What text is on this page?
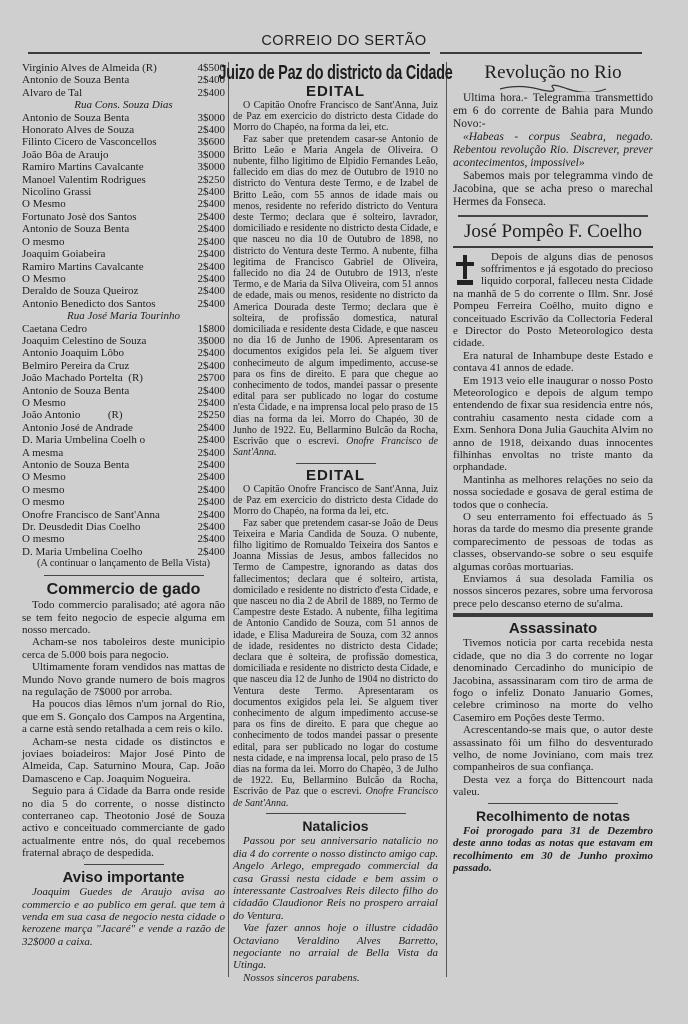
CORREIO DO SERTÃO
Virginio Alves de Almeida (R)	4$500
Antonio de Souza Benta	2$400
Alvaro de Tal	2$400
Rua Cons. Souza Dias
Antonio de Souza Benta	3$000
Honorato Alves de Souza	2$400
Filinto Cicero de Vasconcellos	3$600
João Bôa de Araujo	3$000
Ramiro Martins Cavalcante	3$000
Manoel Valentim Rodrigues	2$250
Nicolino Grassi	2$400
O Mesmo	2$400
Fortunato Josè dos Santos	2$400
Antonio de Souza Benta	2$400
O mesmo	2$400
Joaquim Goiabeira	2$400
Ramiro Martins Cavalcante	2$400
O Mesmo	2$400
Deraldo de Souza Queiroz	2$400
Antonio Benedicto dos Santos	2$400
Rua José Maria Tourinho
Caetana Cedro	1$800
Joaquim Celestino de Souza	3$000
Antonio Joaquim Lôbo	2$400
Belmiro Pereira da Cruz	2$400
João Machado Portelta  (R)	2$700
Antonio de Souza Benta	2$400
O Mesmo	2$400
João Antonio          (R)	2$250
Antonio José de Andrade	2$400
D. Maria Umbelina Coelh o	2$400
A mesma	2$400
Antonio de Souza Benta	2$400
O Mesmo	2$400
O mesmo	2$400
O mesmo	2$400
Onofre Francisco de Sant'Anna	2$400
Dr. Deusdedit Dias Coelho	2$400
O mesmo	2$400
D. Maria Umbelina Coelho	2$400
(A continuar o lançamento de Bella Vista)
Commercio de gado

Todo commercio paralisado; até agora não se tem feito negocio de especie alguma em nosso mercado.

Acham-se nos taboleiros deste municipio cerca de 5.000 bois para negocio.

Ultimamente foram vendidos nas mattas de Mundo Novo grande numero de bois magros na regulação de 7$000 por arroba.

Ha poucos dias lêmos n'um jornal do Rio, que em S. Gonçalo dos Campos na Argentina, a carne està sendo retalhada a cem reis o kilo.

Acham-se nesta cidade os distinctos e joviaes boiadeiros: Major José Pinto de Almeida, Cap. Saturnino Moura, Cap. João Damasceno e Cap. Joaquim Nogueira.

Seguio para á Cidade da Barra onde reside no dia 5 do corrente, o nosse distincto conterraneo cap. Theotonio José de Souza activo e conceituado commerciante de gado actualmente entre nós, do qual recebemos fraternal abraço de despedida.

Aviso importante

Joaquim Guedes de Araujo avisa ao commercio e ao publico em geral. que tem à venda em sua casa de negocio nesta cidade o kerozene marça "Jacaré" e vende a razão de 32$000 a caixa.

Juizo de Paz do districto da Cidade
EDITAL

O Capitão Onofre Francisco de Sant'Anna, Juiz de Paz em exercicio do districto desta Cidade do Morro do Chapéo, na forma da lei, etc.

Faz saber que pretendem casar-se Antonio de Britto Leão e Maria Angela de Oliveira. O nubente, filho ligitimo de Elpidio Fernandes Leão, fallecido em dias do mez de Outubro de 1910 no districto do Ventura deste Termo, e de Izabel de Britto Leão, com 55 annos de idade mais ou menos, residente no referido districto do Ventura deste Termo; declara que é solteiro, lavrador, domiciliado e residente no districto desta Cidade, e que nasceu no dia 10 de Outubro de 1898, no districto do Ventura deste Termo. A nubente, filha legitima de Francisco Gabriel de Oliveira, fallecido no dia 24 de Outubro de 1913, n'este Termo, e de Maria da Silva Oliveira, com 51 annos de edade, mais ou menos, residente no districto da America Dourada deste Termo; declara que è solteira, de profissão domestica, natural domiciliada e residente desta Cidade, e que nasceu no dia 16 de Junho de 1906. Apresentaram os documentos exigidos pela lei. Se alguem tiver conhecimeuto de algum impedimento, accuse-se para os fins de direito. E para que chegue ao conhecimento de todos, mandei passar o presente edital para ser publicado no logar do costume n'esta Cidade, e na imprensa local pelo praso de 15 dias na forma da lei. Morro do Chapéo, 30 de Junho de 1922. Eu, Bellarmino Bulcão da Rocha, Escrivão que o escrevi. Onofre Francisco de Sant'Anna.

EDITAL

O Capitão Onofre Francisco de Sant'Anna, Juiz de Paz em exercicio do districto desta Cidade do Morro do Chapéo, na forma da lei, etc.

Faz saber que pretendem casar-se João de Deus Teixeira e Maria Candida de Souza. O nubente, filho ligitimo de Romualdo Teixeira dos Santos e Joanna Missias de Jesus, ambos fallecidos no Termo de Campestre, ignorando as datas dos fallecimentos; declara que é solteiro, artista, domicilado e residente no districto d'esta Cidade, e que nasceu no dia 2 de Abril de 1889, no Termo de Campestre deste Estado. A nubente, filha legitima de Antonio Candido de Souza, com 51 annos de idade, e Elisa Madureira de Souza, com 32 annos de idade, residentes no districto desta Cidade; declara que è solteira, de profissão domestica, domiciliada e residente no districto desta Cidade, e que nasceu dia 12 de Junho de 1904 no districto do Ventura deste Termo. Apresentaram os documentos exigidos pela lei. Se alguem tiver conhecimento de algum impedimento accuse-se para os fins de direito. E para que chegue ao conhecimento de todos mandei passar o presente edital, para ser publicado no logar do costume nesta cidade, e na imprensa local, pelo praso de 15 dias na forma da lei. Morro do Chapèo, 3 de Julho de 1922. Eu, Bellarmino Bulcão da Rocha, Escrivão de Paz que o escrevi. Onofre Francisco de Sant'Anna.

Natalicios

Passou por seu anniversario natalicio no dia 4 do corrente o nosso distincto amigo cap. Angelo Arlego, empregado commercial da casa Grassi nesta cidade e bem assim o interessante Castroalves Reis dilecto filho do cidadão Claudionor Reis no prospero arraial do Ventura.

Vae fazer annos hoje o illustre cidadão Octaviano Veraldino Alves Barretto, negociante no arraial de Bella Vista da Utinga.

Nossos sinceros parabens.

Revolução no Rio

Ultima hora.- Telegramma transmettido em 6 do corrente de Bahia para Mundo Novo:-

«Habeas - corpus Seabra, negado. Rebentou revolução Rio. Discrever, prever acontecimentos, impossivel»

Sabemos mais por telegramma vindo de Jacobina, que se acha preso o marechal Hermes da Fonseca.

José Pompêo F. Coelho

Depois de alguns dias de penosos soffrimentos e já esgotado do precioso liquido corporal, falleceu nesta Cidade na manhã de 5 do corrente o Illm. Snr. José Pompeu Ferreira Coêlho, muito digno e conceituado Escrivão da Collectoria Federal e Director do Posto Meteorologico desta cidade.

Era natural de Inhambupe deste Estado e contava 41 annos de edade.

Em 1913 veio elle inaugurar o nosso Posto Meteorologico e depois de algum tempo entendendo de fixar sua residencia entre nós, contrahiu casamento nesta cidade com a Exm. Senhora Dona Julia Gauchita Alvim no anno de 1918, deixando duas innocentes filhinhas envoltas no triste manto da orphandade.

Mantinha as melhores relações no seio da nossa sociedade e gosava de geral estima de todos que o conhecia.

O seu enterramento foi effectuado ás 5 horas da tarde do mesmo dia presente grande comparecimento de pessoas de todas as classes, observando-se sobre o seu esquife algumas corôas mortuarias.

Enviamos á sua desolada Familia os nossos sinceros pezares, sobre uma fervorosa prece pelo descanso eterno de su'alma.

Assassinato

Tivemos noticia por carta recebida nesta cidade, que no dia 3 do corrente no logar denominado Cercadinho do municipio de Jacobina, assassinaram com tiro de arma de fogo o infeliz Donato Januario Gomes, celebre criminoso na morte do velho Casemiro em Poções deste Termo.

Acrescentando-se mais que, o autor deste assassinato fôi um filho do desventurado velho, de nome Joviniano, com mais trez companheiros de sua confiança.

Desta vez a força do Bittencourt nada valeu.

Recolhimento de notas

Foi prorogado para 31 de Dezembro deste anno todas as notas que estavam em recolhimento em 30 de Junho proximo passado.
